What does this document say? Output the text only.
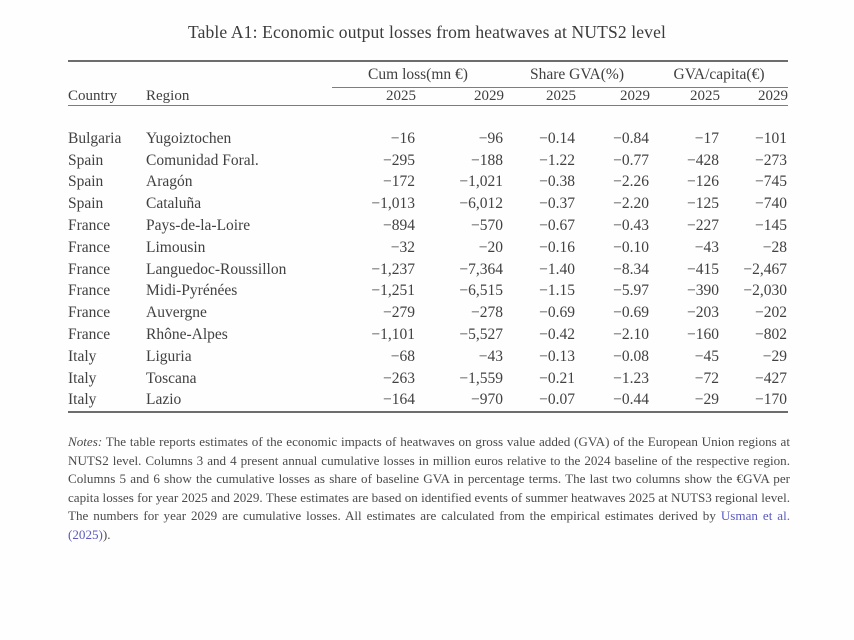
Table A1: Economic output losses from heatwaves at NUTS2 level

		Cum loss(mn €)		Share GVA(%)		GVA/capita(€)	
Country	Region	2025	2029	2025	2029	2025	2029

Bulgaria	Yugoiztochen	−16	−96	−0.14	−0.84	−17	−101
Spain	Comunidad Foral.	−295	−188	−1.22	−0.77	−428	−273
Spain	Aragón	−172	−1,021	−0.38	−2.26	−126	−745
Spain	Cataluña	−1,013	−6,012	−0.37	−2.20	−125	−740
France	Pays-de-la-Loire	−894	−570	−0.67	−0.43	−227	−145
France	Limousin	−32	−20	−0.16	−0.10	−43	−28
France	Languedoc-Roussillon	−1,237	−7,364	−1.40	−8.34	−415	−2,467
France	Midi-Pyrénées	−1,251	−6,515	−1.15	−5.97	−390	−2,030
France	Auvergne	−279	−278	−0.69	−0.69	−203	−202
France	Rhône-Alpes	−1,101	−5,527	−0.42	−2.10	−160	−802
Italy	Liguria	−68	−43	−0.13	−0.08	−45	−29
Italy	Toscana	−263	−1,559	−0.21	−1.23	−72	−427
Italy	Lazio	−164	−970	−0.07	−0.44	−29	−170
Notes: The table reports estimates of the economic impacts of heatwaves on gross value added (GVA) of the European Union regions at NUTS2 level. Columns 3 and 4 present annual cumulative losses in million euros relative to the 2024 baseline of the respective region. Columns 5 and 6 show the cumulative losses as share of baseline GVA in percentage terms. The last two columns show the €GVA per capita losses for year 2025 and 2029. These estimates are based on identified events of summer heatwaves 2025 at NUTS3 regional level. The numbers for year 2029 are cumulative losses. All estimates are calculated from the empirical estimates derived by Usman et al. (2025)).
